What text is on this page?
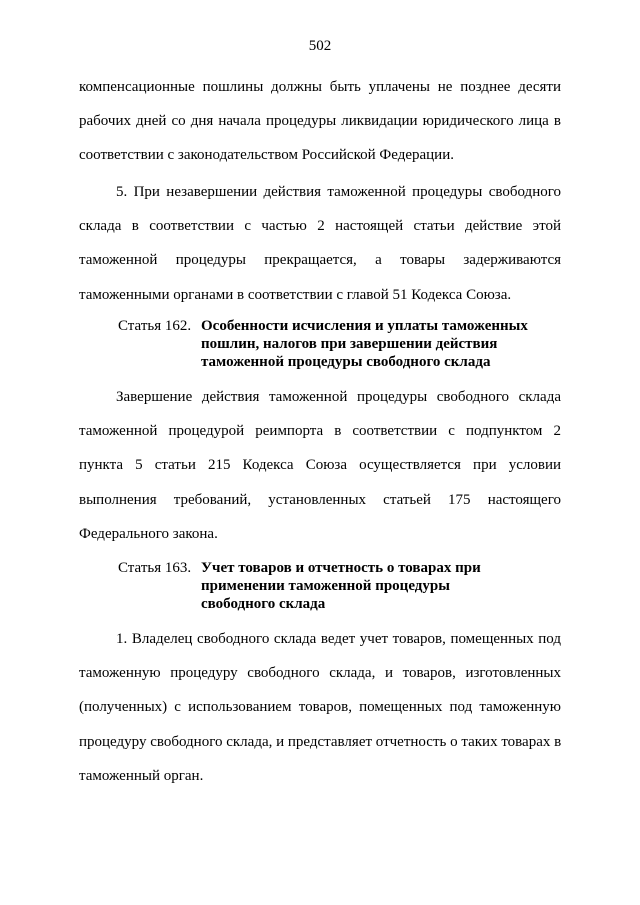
502
компенсационные пошлины должны быть уплачены не позднее десяти
рабочих дней со дня начала процедуры ликвидации юридического лица в
соответствии с законодательством Российской Федерации.
5. При незавершении действия таможенной процедуры свободного
склада в соответствии с частью 2 настоящей статьи действие этой
таможенной процедуры прекращается, а товары задерживаются
таможенными органами в соответствии с главой 51 Кодекса Союза.
Статья 162. Особенности исчисления и уплаты таможенных
пошлин, налогов при завершении действия
таможенной процедуры свободного склада
Завершение действия таможенной процедуры свободного склада
таможенной процедурой реимпорта в соответствии с подпунктом 2
пункта 5 статьи 215 Кодекса Союза осуществляется при условии
выполнения требований, установленных статьей 175 настоящего
Федерального закона.
Статья 163. Учет товаров и отчетность о товарах при
применении таможенной процедуры
свободного склада
1. Владелец свободного склада ведет учет товаров, помещенных под
таможенную процедуру свободного склада, и товаров, изготовленных
(полученных) с использованием товаров, помещенных под таможенную
процедуру свободного склада, и представляет отчетность о таких товарах в
таможенный орган.
